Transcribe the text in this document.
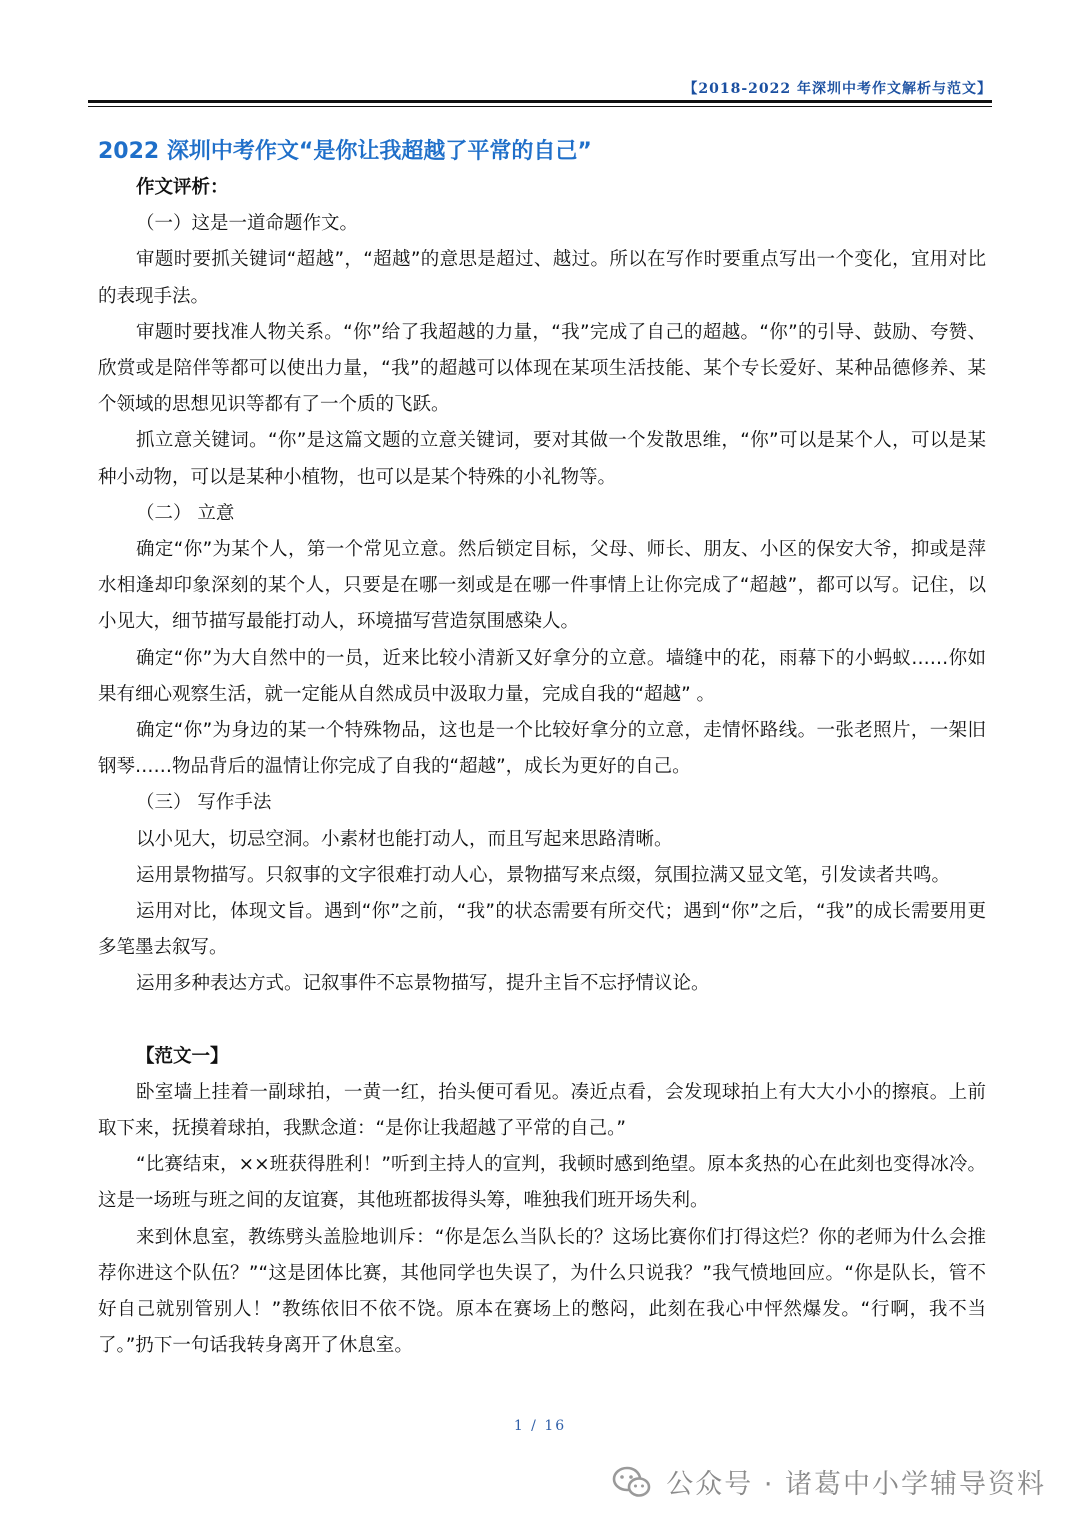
【2018-2022 年深圳中考作文解析与范文】
2022 深圳中考作文“是你让我超越了平常的自己”

作文评析：

（一）这是一道命题作文。

审题时要抓关键词“超越”，“超越”的意思是超过、越过。所以在写作时要重点写出一个变化，宜用对比的表现手法。

审题时要找准人物关系。“你”给了我超越的力量，“我”完成了自己的超越。“你”的引导、鼓励、夸赞、欣赏或是陪伴等都可以使出力量，“我”的超越可以体现在某项生活技能、某个专长爱好、某种品德修养、某个领域的思想见识等都有了一个质的飞跃。

抓立意关键词。“你”是这篇文题的立意关键词，要对其做一个发散思维，“你”可以是某个人，可以是某种小动物，可以是某种小植物，也可以是某个特殊的小礼物等。

（二） 立意

确定“你”为某个人，第一个常见立意。然后锁定目标，父母、师长、朋友、小区的保安大爷，抑或是萍水相逢却印象深刻的某个人，只要是在哪一刻或是在哪一件事情上让你完成了“超越”，都可以写。记住，以小见大，细节描写最能打动人，环境描写营造氛围感染人。

确定“你”为大自然中的一员，近来比较小清新又好拿分的立意。墙缝中的花，雨幕下的小蚂蚁……你如果有细心观察生活，就一定能从自然成员中汲取力量，完成自我的“超越” 。

确定“你”为身边的某一个特殊物品，这也是一个比较好拿分的立意，走情怀路线。一张老照片，一架旧钢琴……物品背后的温情让你完成了自我的“超越”，成长为更好的自己。

（三） 写作手法

以小见大，切忌空洞。小素材也能打动人，而且写起来思路清晰。

运用景物描写。只叙事的文字很难打动人心，景物描写来点缀，氛围拉满又显文笔，引发读者共鸣。

运用对比，体现文旨。遇到“你”之前，“我”的状态需要有所交代；遇到“你”之后，“我”的成长需要用更多笔墨去叙写。

运用多种表达方式。记叙事件不忘景物描写，提升主旨不忘抒情议论。

【范文一】

卧室墙上挂着一副球拍，一黄一红，抬头便可看见。凑近点看，会发现球拍上有大大小小的擦痕。上前取下来，抚摸着球拍，我默念道：“是你让我超越了平常的自己。”

“比赛结束，××班获得胜利！”听到主持人的宣判，我顿时感到绝望。原本炙热的心在此刻也变得冰冷。这是一场班与班之间的友谊赛，其他班都拔得头筹，唯独我们班开场失利。

来到休息室，教练劈头盖脸地训斥：“你是怎么当队长的？这场比赛你们打得这烂？你的老师为什么会推荐你进这个队伍？”“这是团体比赛，其他同学也失误了，为什么只说我？”我气愤地回应。“你是队长，管不好自己就别管别人！”教练依旧不依不饶。原本在赛场上的憋闷，此刻在我心中怦然爆发。“行啊，我不当了。”扔下一句话我转身离开了休息室。

1 / 16
公众号 · 诸葛中小学辅导资料
